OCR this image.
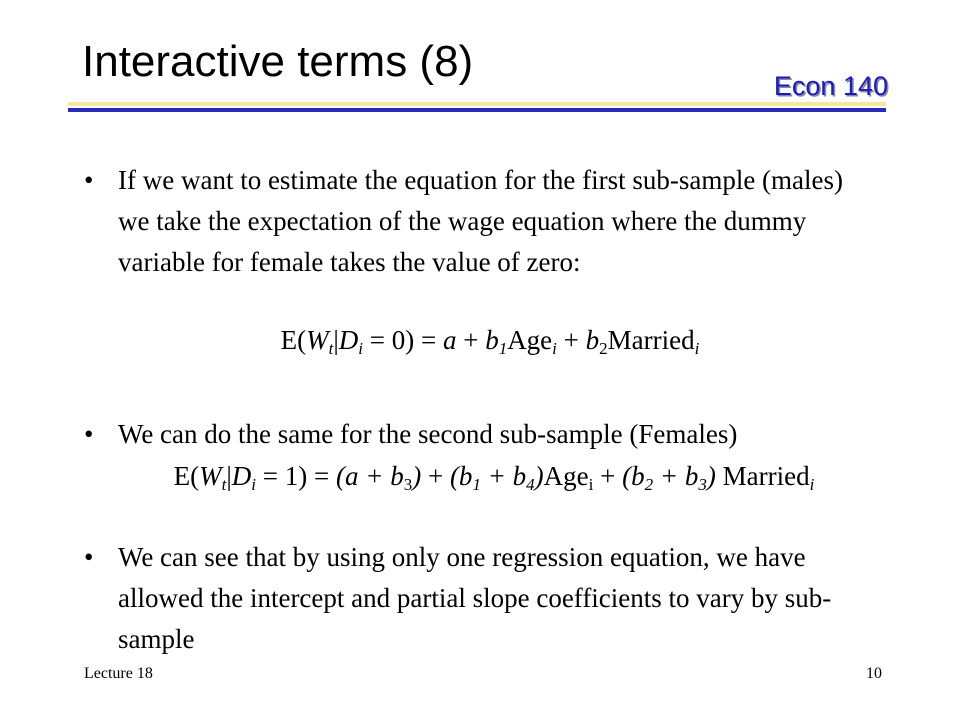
Interactive terms (8)	Econ 140
• If we want to estimate the equation for the first sub-sample (males) we take the expectation of the wage equation where the dummy variable for female takes the value of zero:
$E(W_t|D_i = 0) = a + b_1Age_i$ + $b_2Married_i$
• We can do the same for the second sub-sample (Females)
$E(W_t|D_i = 1) = (a + b_3) + (b_1 + b_4)Age_i + (b_2 + b_3)$ Married$_i$
• We can see that by using only one regression equation, we have allowed the intercept and partial slope coefficients to vary by sub-sample
Lecture 18	10
